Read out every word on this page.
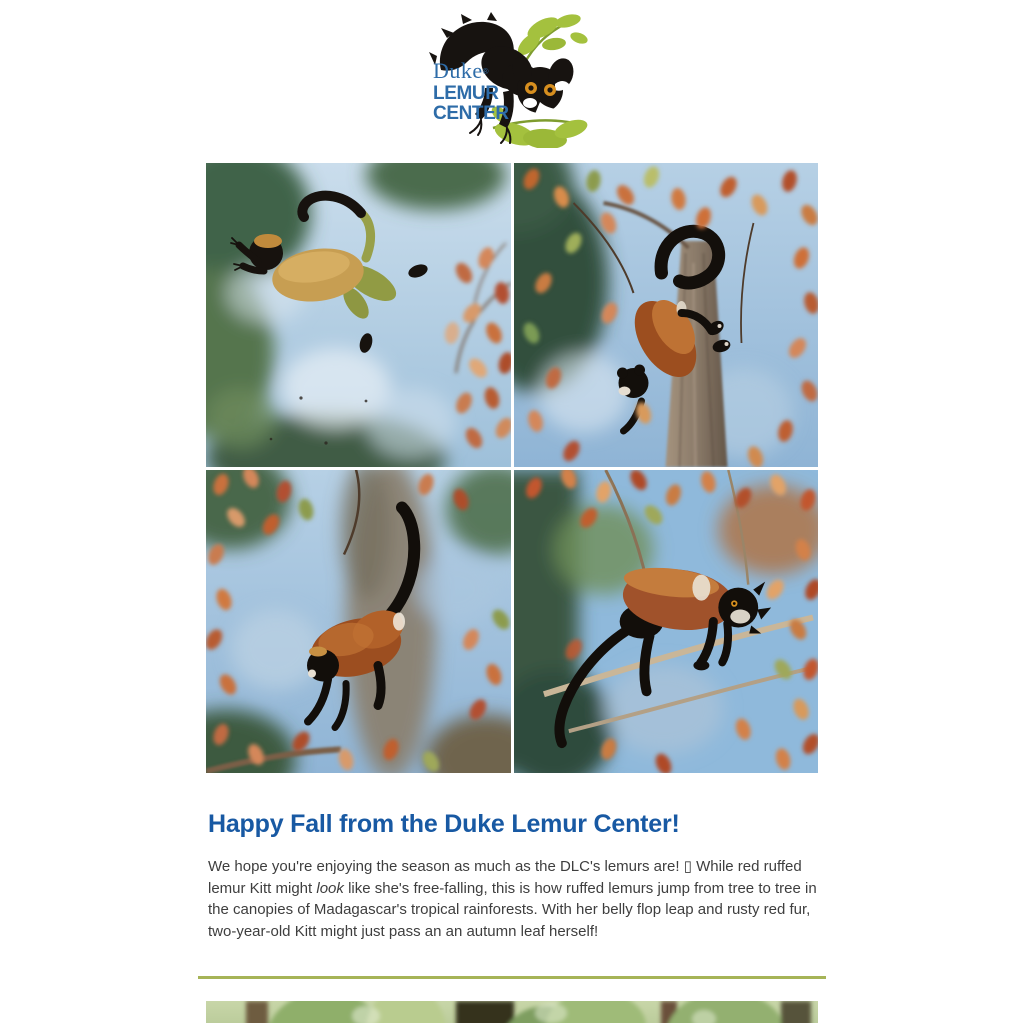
Duke®
LEMUR
CENTER
Happy Fall from the Duke Lemur Center!
We hope you're enjoying the season as much as the DLC's lemurs are! ▯ While red ruffed
lemur Kitt might look like she's free-falling, this is how ruffed lemurs jump from tree to tree in
the canopies of Madagascar's tropical rainforests. With her belly flop leap and rusty red fur,
two-year-old Kitt might just pass an an autumn leaf herself!
